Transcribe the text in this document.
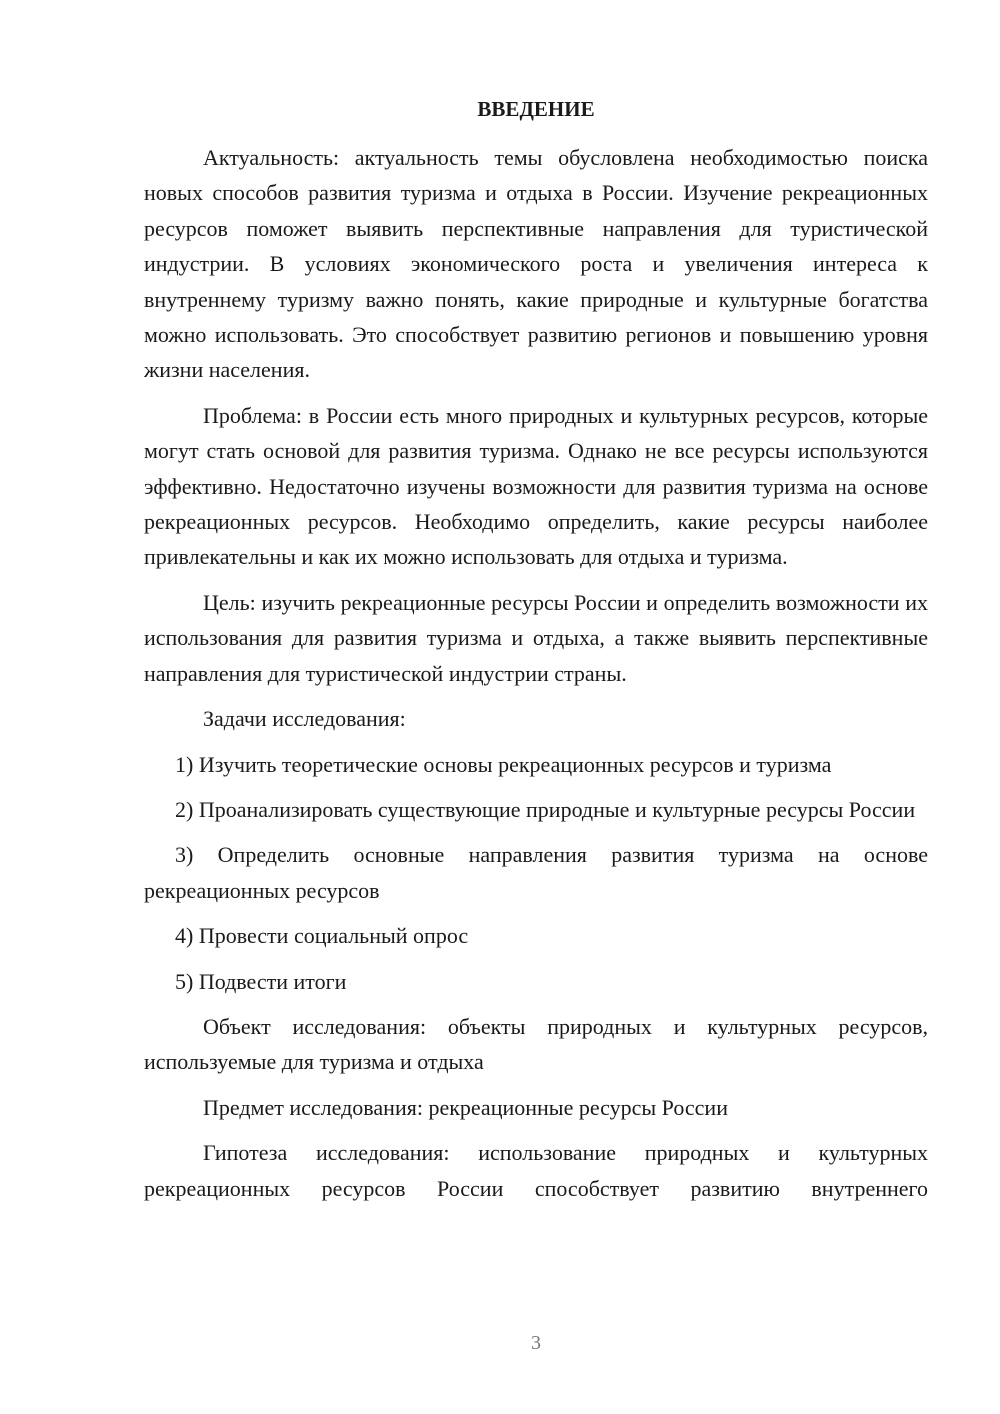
ВВЕДЕНИЕ

Актуальность: актуальность темы обусловлена необходимостью поиска новых способов развития туризма и отдыха в России. Изучение рекреационных ресурсов поможет выявить перспективные направления для туристической индустрии. В условиях экономического роста и увеличения интереса к внутреннему туризму важно понять, какие природные и культурные богатства можно использовать. Это способствует развитию регионов и повышению уровня жизни населения.

Проблема: в России есть много природных и культурных ресурсов, которые могут стать основой для развития туризма. Однако не все ресурсы используются эффективно. Недостаточно изучены возможности для развития туризма на основе рекреационных ресурсов. Необходимо определить, какие ресурсы наиболее привлекательны и как их можно использовать для отдыха и туризма.

Цель: изучить рекреационные ресурсы России и определить возможности их использования для развития туризма и отдыха, а также выявить перспективные направления для туристической индустрии страны.

Задачи исследования:

1) Изучить теоретические основы рекреационных ресурсов и туризма

2) Проанализировать существующие природные и культурные ресурсы России

3) Определить основные направления развития туризма на основе рекреационных ресурсов

4) Провести социальный опрос

5) Подвести итоги

Объект исследования: объекты природных и культурных ресурсов, используемые для туризма и отдыха

Предмет исследования: рекреационные ресурсы России

Гипотеза исследования: использование природных и культурных рекреационных ресурсов России способствует развитию внутреннего

3
